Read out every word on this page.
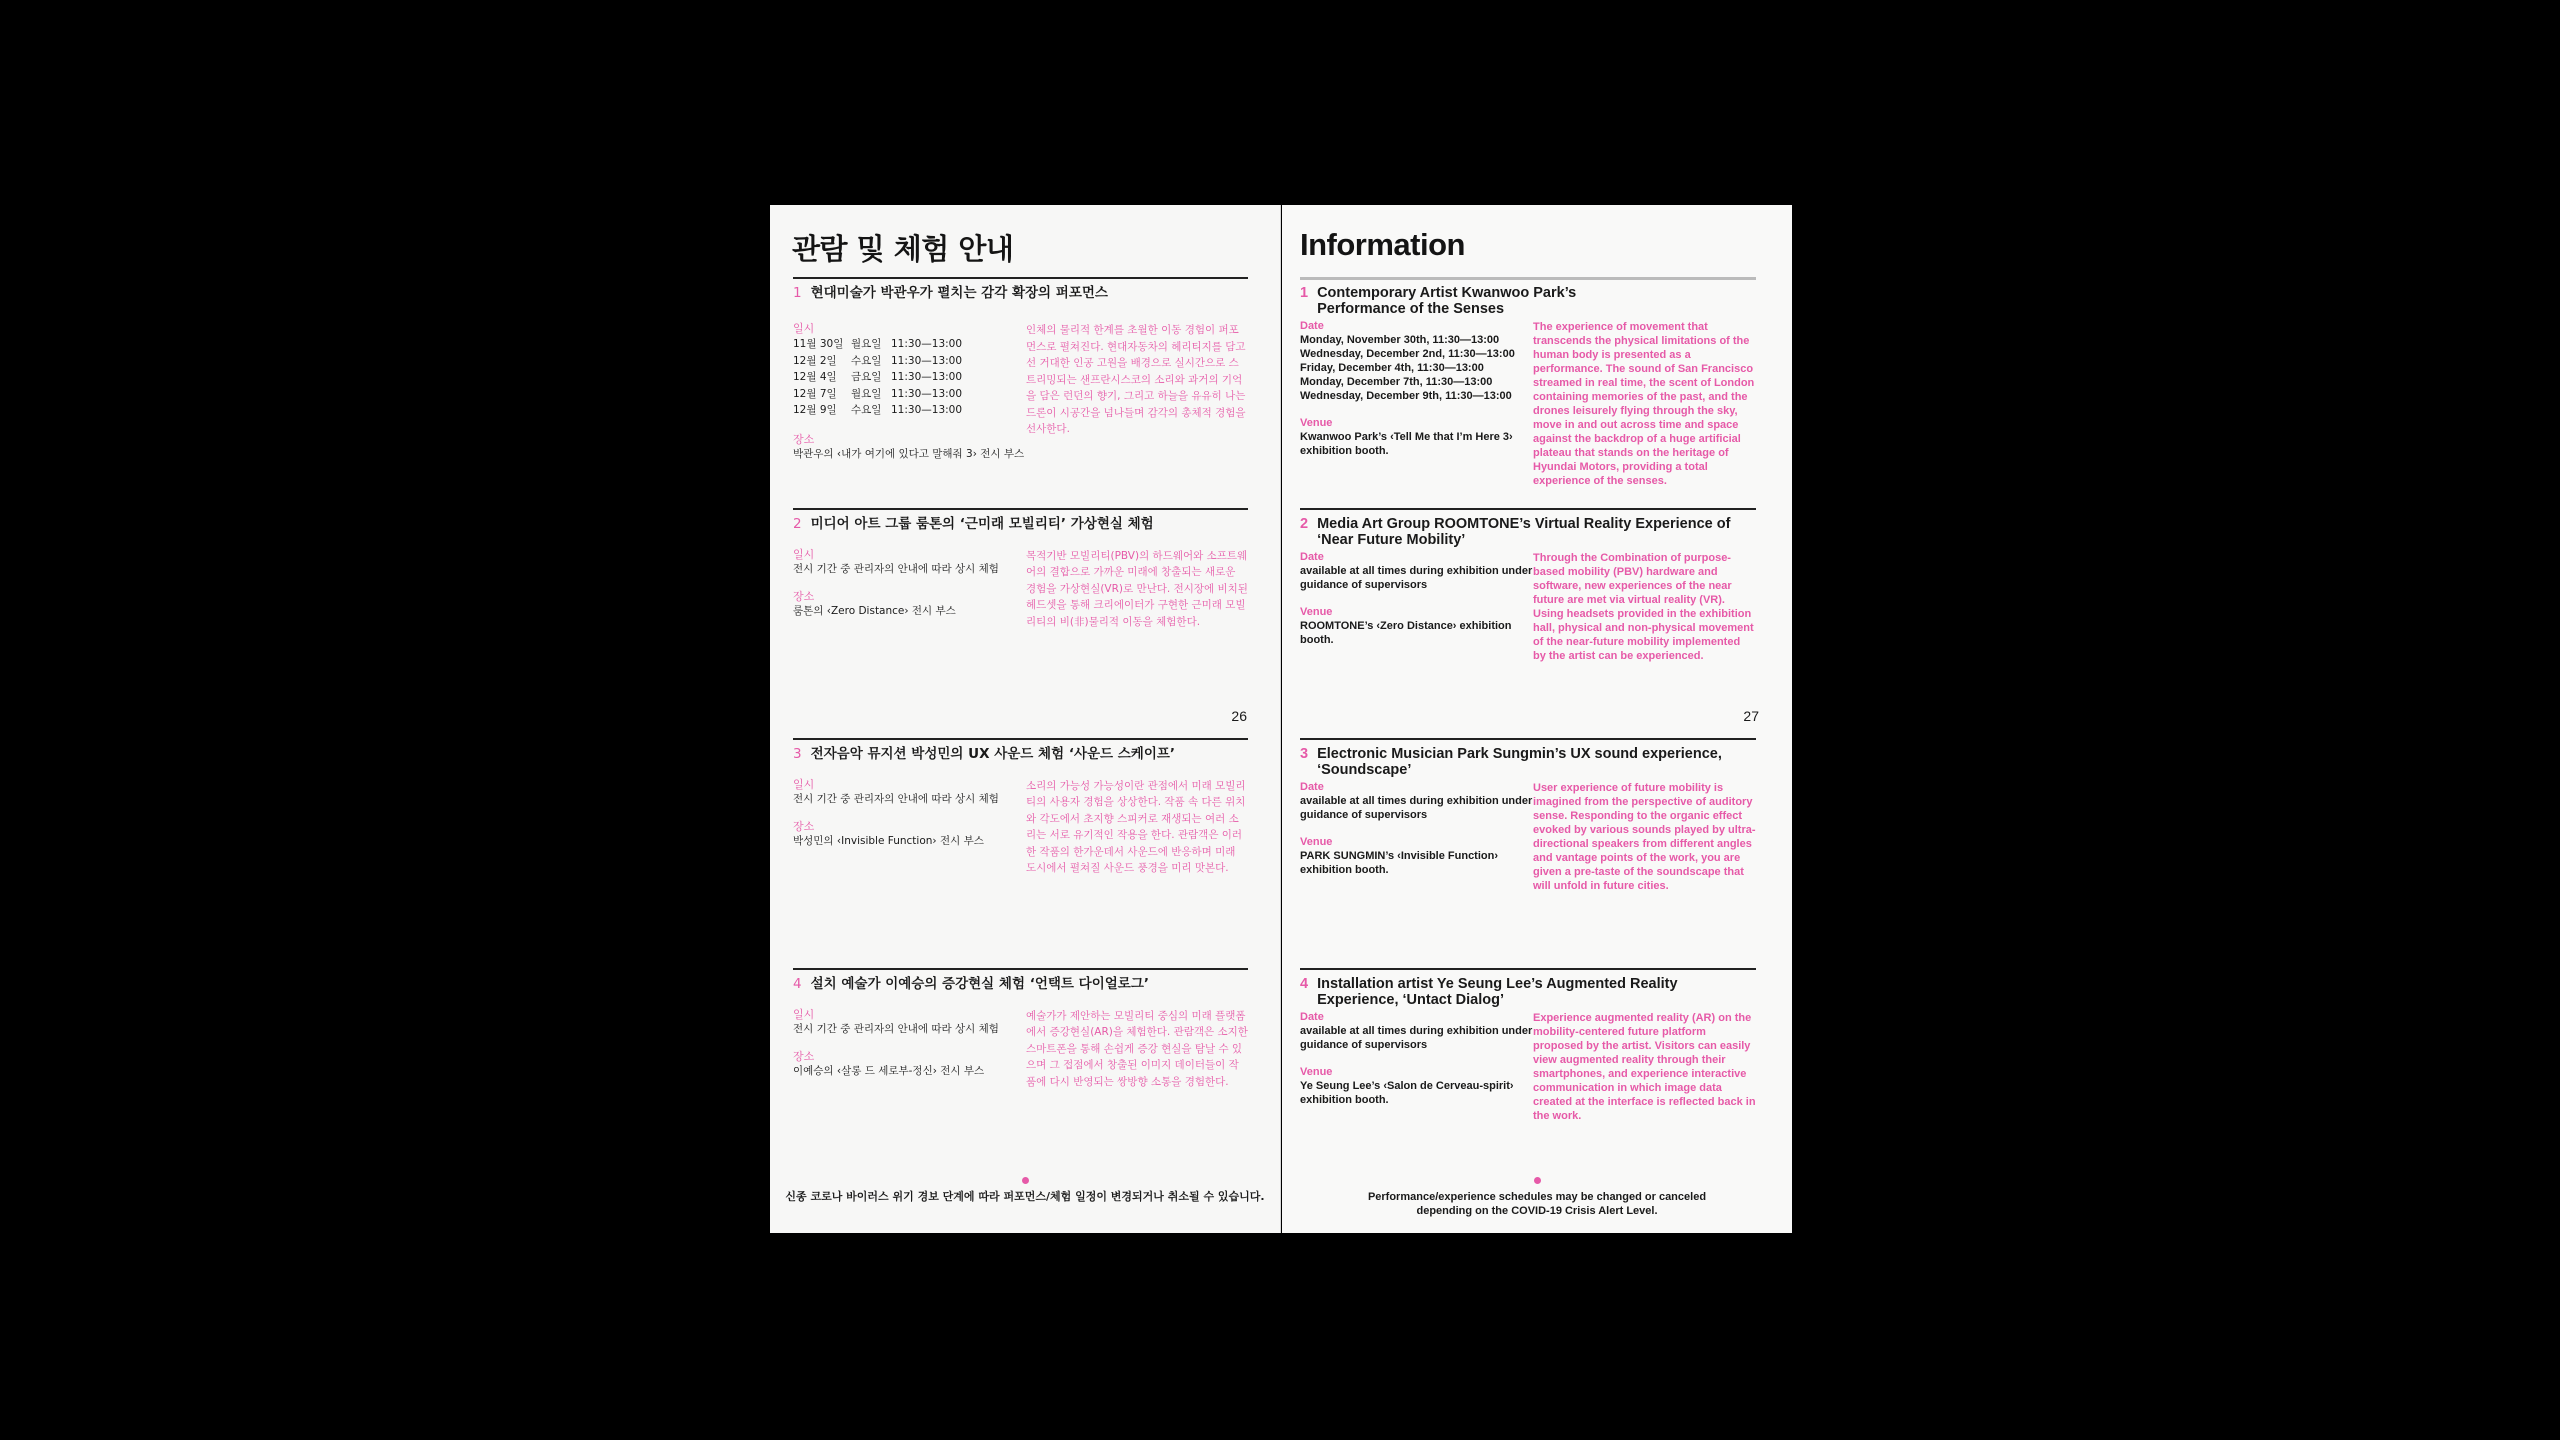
관람 및 체험 안내
1 현대미술가 박관우가 펼치는 감각 확장의 퍼포먼스
일시
11월 30일 월요일 11:30—13:00
12월 2일	수요일 11:30—13:00
12월 4일	금요일 11:30—13:00
12월 7일	월요일 11:30—13:00
12월 9일	수요일 11:30—13:00
장소
박관우의 ‹내가 여기에 있다고 말해줘 3› 전시 부스
인체의 물리적 한계를 초월한 이동 경험이 퍼포먼스로 펼쳐진다. 현대자동차의 헤리티지를 담고 선 거대한 인공 고원을 배경으로 실시간으로 스트리밍되는 샌프란시스코의 소리와 과거의 기억을 담은 런던의 향기, 그리고 하늘을 유유히 나는 드론이 시공간을 넘나들며 감각의 총체적 경험을 선사한다.
2 미디어 아트 그룹 룸톤의 ‘근미래 모빌리티’ 가상현실 체험
일시
전시 기간 중 관리자의 안내에 따라 상시 체험
장소
룸톤의 ‹Zero Distance› 전시 부스
목적기반 모빌리티(PBV)의 하드웨어와 소프트웨어의 결합으로 가까운 미래에 창출되는 새로운 경험을 가상현실(VR)로 만난다. 전시장에 비치된 헤드셋을 통해 크리에이터가 구현한 근미래 모빌리티의 비(非)물리적 이동을 체험한다.
26
3 전자음악 뮤지션 박성민의 UX 사운드 체험 ‘사운드 스케이프’
일시
전시 기간 중 관리자의 안내에 따라 상시 체험
장소
박성민의 ‹Invisible Function› 전시 부스
소리의 가능성 가능성이란 관점에서 미래 모빌리티의 사용자 경험을 상상한다. 작품 속 다른 위치와 각도에서 초지향 스피커로 재생되는 여러 소리는 서로 유기적인 작용을 한다. 관람객은 이러한 작품의 한가운데서 사운드에 반응하며 미래 도시에서 펼쳐질 사운드 풍경을 미리 맛본다.
4 설치 예술가 이예승의 증강현실 체험 ‘언택트 다이얼로그’
일시
전시 기간 중 관리자의 안내에 따라 상시 체험
장소
이예승의 ‹살롱 드 세로부-정신› 전시 부스
예술가가 제안하는 모빌리티 중심의 미래 플랫폼에서 증강현실(AR)을 체험한다. 관람객은 소지한 스마트폰을 통해 손쉽게 증강 현실을 탐날 수 있으며 그 접점에서 창출된 이미지 데이터들이 작품에 다시 반영되는 쌍방향 소통을 경험한다.
신종 코로나 바이러스 위기 경보 단계에 따라 퍼포먼스/체험 일정이 변경되거나 취소될 수 있습니다.
Information
1 Contemporary Artist Kwanwoo Park’s
Performance of the Senses
Date
Monday, November 30th, 11:30—13:00
Wednesday, December 2nd, 11:30—13:00
Friday, December 4th, 11:30—13:00
Monday, December 7th, 11:30—13:00
Wednesday, December 9th, 11:30—13:00
Venue
Kwanwoo Park’s ‹Tell Me that I’m Here 3› exhibition booth.
The experience of movement that transcends the physical limitations of the human body is presented as a performance. The sound of San Francisco streamed in real time, the scent of London containing memories of the past, and the drones leisurely flying through the sky, move in and out across time and space against the backdrop of a huge artificial plateau that stands on the heritage of Hyundai Motors, providing a total experience of the senses.
2 Media Art Group ROOMTONE’s Virtual Reality Experience of
‘Near Future Mobility’
Date
available at all times during exhibition under guidance of supervisors
Venue
ROOMTONE’s ‹Zero Distance› exhibition booth.
Through the Combination of purpose-based mobility (PBV) hardware and software, new experiences of the near future are met via virtual reality (VR). Using headsets provided in the exhibition hall, physical and non-physical movement of the near-future mobility implemented by the artist can be experienced.
27
3 Electronic Musician Park Sungmin’s UX sound experience,
‘Soundscape’
Date
available at all times during exhibition under guidance of supervisors
Venue
PARK SUNGMIN’s ‹Invisible Function› exhibition booth.
User experience of future mobility is imagined from the perspective of auditory sense. Responding to the organic effect evoked by various sounds played by ultra-directional speakers from different angles and vantage points of the work, you are given a pre-taste of the soundscape that will unfold in future cities.
4 Installation artist Ye Seung Lee’s Augmented Reality
Experience, ‘Untact Dialog’
Date
available at all times during exhibition under guidance of supervisors
Venue
Ye Seung Lee’s ‹Salon de Cerveau-spirit› exhibition booth.
Experience augmented reality (AR) on the mobility-centered future platform proposed by the artist. Visitors can easily view augmented reality through their smartphones, and experience interactive communication in which image data created at the interface is reflected back in the work.
Performance/experience schedules may be changed or canceled
depending on the COVID-19 Crisis Alert Level.
